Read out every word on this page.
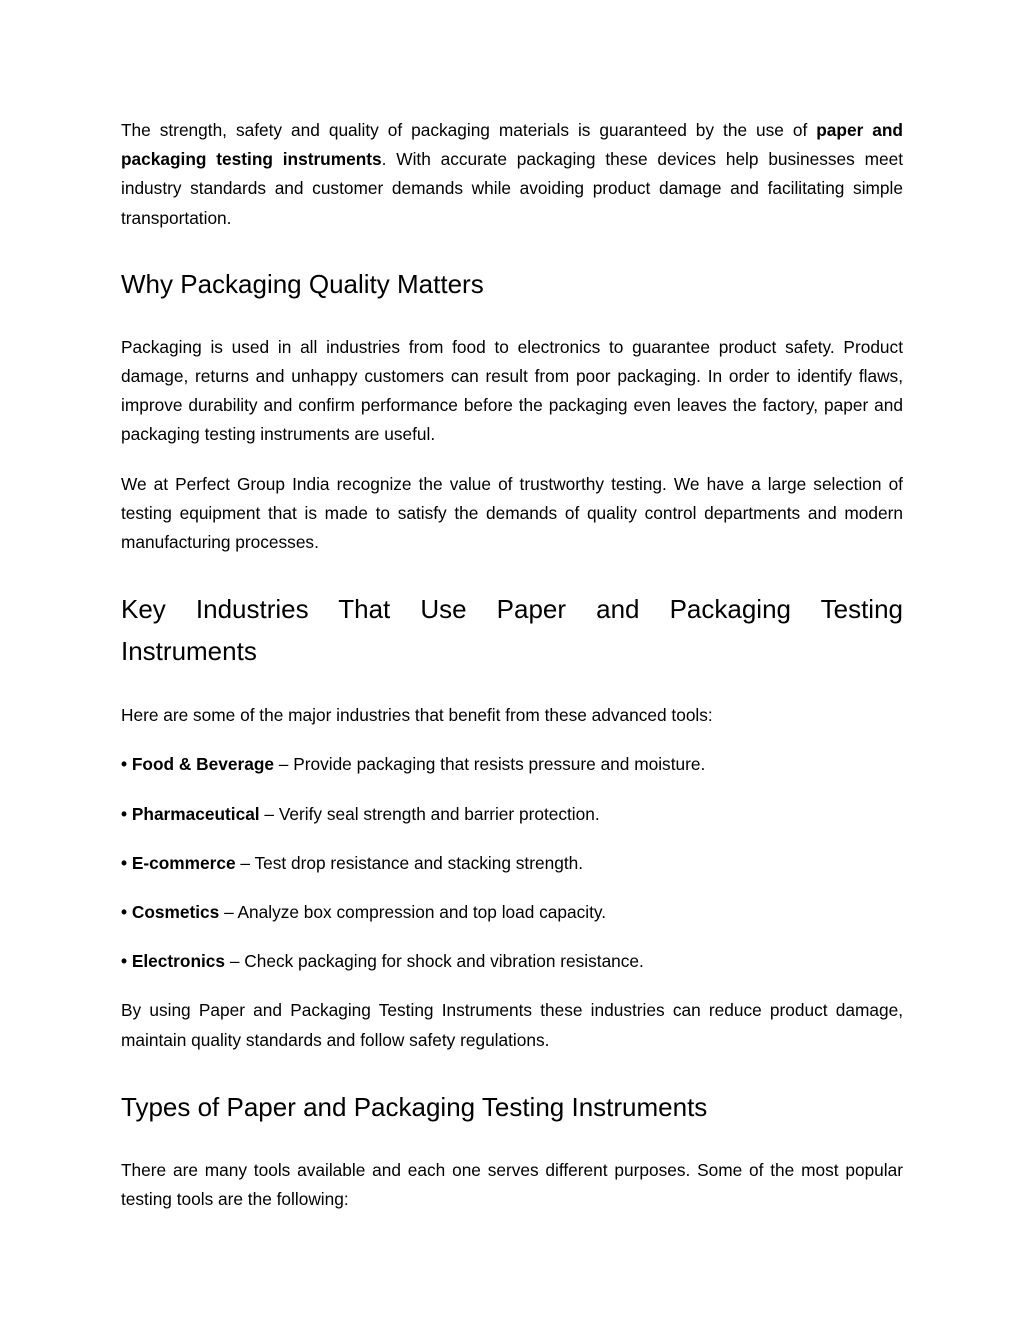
The strength, safety and quality of packaging materials is guaranteed by the use of paper and packaging testing instruments. With accurate packaging these devices help businesses meet industry standards and customer demands while avoiding product damage and facilitating simple transportation.

Why Packaging Quality Matters

Packaging is used in all industries from food to electronics to guarantee product safety. Product damage, returns and unhappy customers can result from poor packaging. In order to identify flaws, improve durability and confirm performance before the packaging even leaves the factory, paper and packaging testing instruments are useful.

We at Perfect Group India recognize the value of trustworthy testing. We have a large selection of testing equipment that is made to satisfy the demands of quality control departments and modern manufacturing processes.

Key Industries That Use Paper and Packaging Testing
Instruments

Here are some of the major industries that benefit from these advanced tools:

• Food & Beverage – Provide packaging that resists pressure and moisture.

• Pharmaceutical – Verify seal strength and barrier protection.

• E-commerce – Test drop resistance and stacking strength.

• Cosmetics – Analyze box compression and top load capacity.

• Electronics – Check packaging for shock and vibration resistance.

By using Paper and Packaging Testing Instruments these industries can reduce product damage, maintain quality standards and follow safety regulations.

Types of Paper and Packaging Testing Instruments

There are many tools available and each one serves different purposes. Some of the most popular testing tools are the following:
